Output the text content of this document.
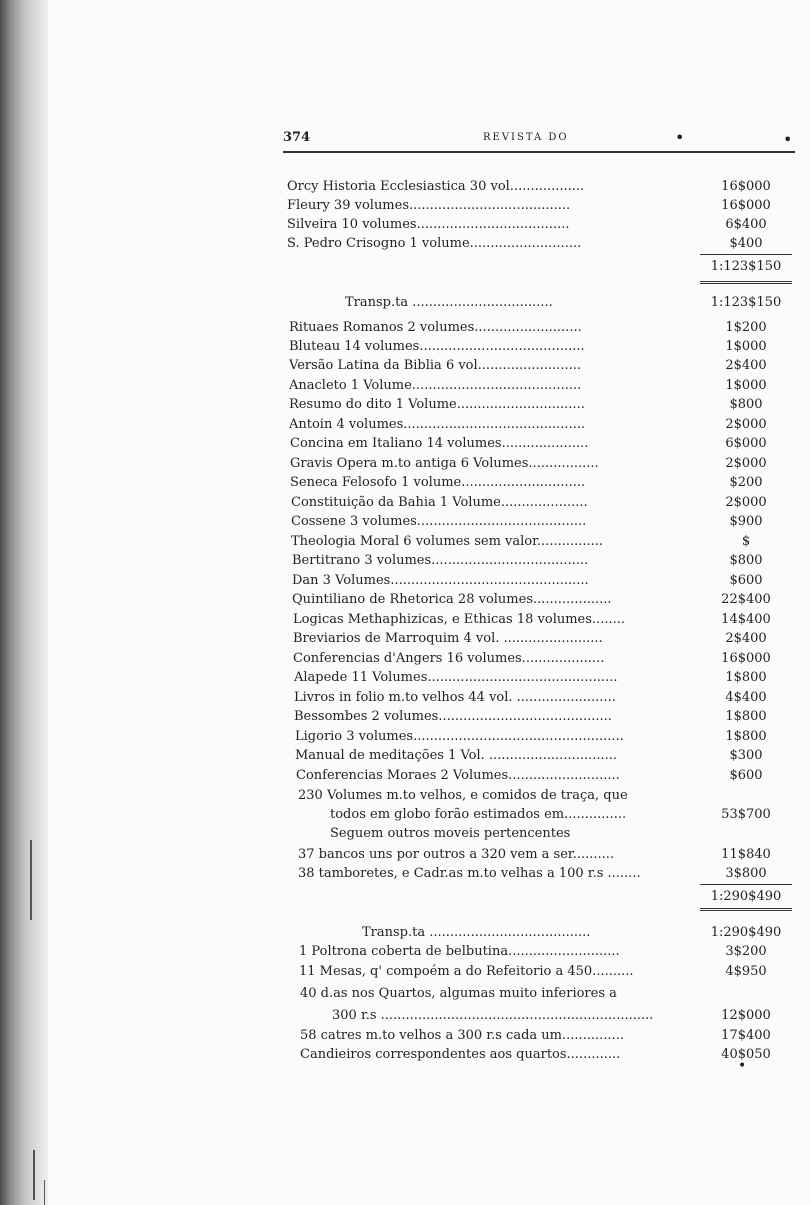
374	REVISTA DO	•	•
Orcy Historia Ecclesiastica 30 vol..................	16$000
Fleury 39 volumes.......................................	16$000
Silveira 10 volumes.....................................	6$400
S. Pedro Crisogno 1 volume...........................	$400
1:123$150
Transp.ta ..................................	1:123$150
Rituaes Romanos 2 volumes..........................	1$200
Bluteau 14 volumes........................................	1$000
Versão Latina da Biblia 6 vol.........................	2$400
Anacleto 1 Volume.........................................	1$000
Resumo do dito 1 Volume...............................	$800
Antoin 4 volumes............................................	2$000
Concina em Italiano 14 volumes.....................	6$000
Gravis Opera m.to antiga 6 Volumes.................	2$000
Seneca Felosofo 1 volume..............................	$200
Constituição da Bahia 1 Volume.....................	2$000
Cossene 3 volumes.........................................	$900
Theologia Moral 6 volumes sem valor................	$
Bertitrano 3 volumes......................................	$800
Dan 3 Volumes................................................	$600
Quintiliano de Rhetorica 28 volumes...................	22$400
Logicas Methaphizicas, e Ethicas 18 volumes........	14$400
Breviarios de Marroquim 4 vol. ........................	2$400
Conferencias d'Angers 16 volumes....................	16$000
Alapede 11 Volumes..............................................	1$800
Livros in folio m.to velhos 44 vol. ........................	4$400
Bessombes 2 volumes..........................................	1$800
Ligorio 3 volumes...................................................	1$800
Manual de meditações 1 Vol. ...............................	$300
Conferencias Moraes 2 Volumes...........................	$600
230 Volumes m.to velhos, e comidos de traça, que
todos em globo forão estimados em...............	53$700
Seguem outros moveis pertencentes
37 bancos uns por outros a 320 vem a ser..........	11$840
38 tamboretes, e Cadr.as m.to velhas a 100 r.s ........	3$800
1:290$490
Transp.ta .......................................	1:290$490
1 Poltrona coberta de belbutina...........................	3$200
11 Mesas, q' compoém a do Refeitorio a 450..........	4$950
40 d.as nos Quartos, algumas muito inferiores a
300 r.s ..................................................................	12$000
58 catres m.to velhos a 300 r.s cada um...............	17$400
Candieiros correspondentes aos quartos.............	40$050
•
